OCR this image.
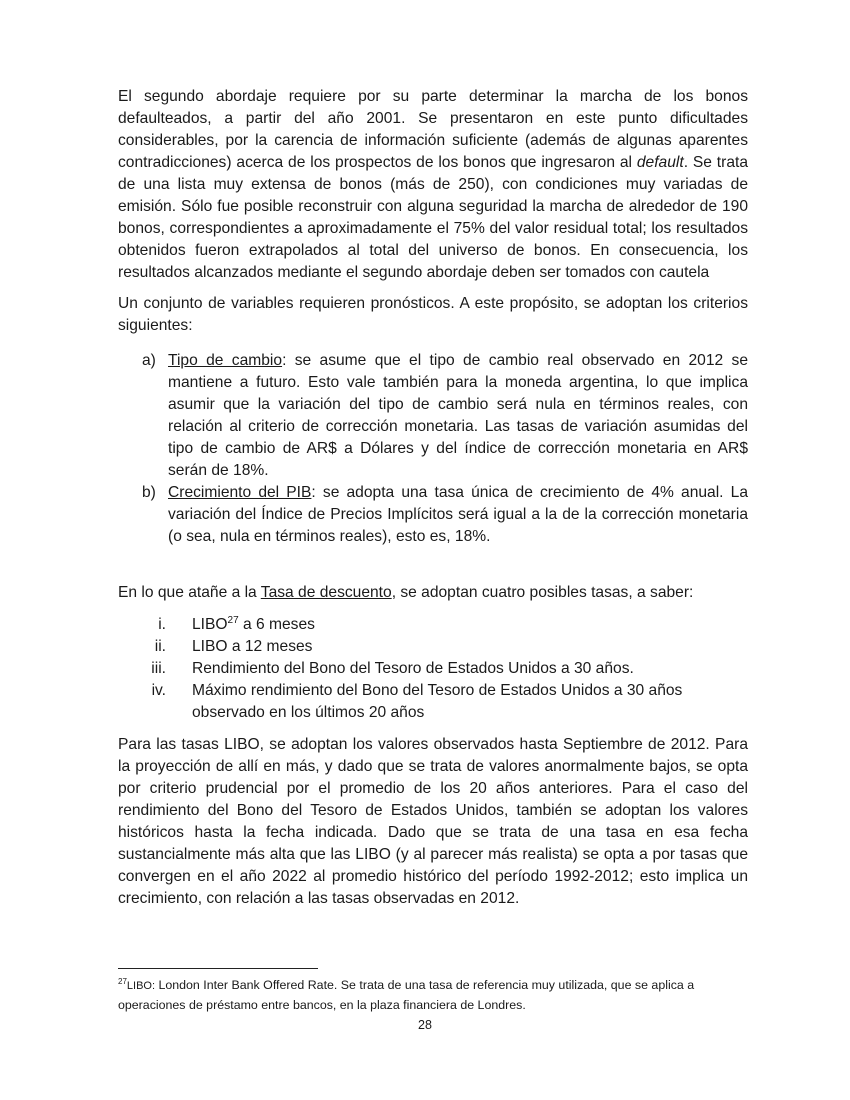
El segundo abordaje requiere por su parte determinar la marcha de los bonos defaulteados, a partir del año 2001. Se presentaron en este punto dificultades considerables, por la carencia de información suficiente (además de algunas aparentes contradicciones) acerca de los prospectos de los bonos que ingresaron al default. Se trata de una lista muy extensa de bonos (más de 250), con condiciones muy variadas de emisión. Sólo fue posible reconstruir con alguna seguridad la marcha de alrededor de 190 bonos, correspondientes a aproximadamente el 75% del valor residual total; los resultados obtenidos fueron extrapolados al total del universo de bonos. En consecuencia, los resultados alcanzados mediante el segundo abordaje deben ser tomados con cautela

Un conjunto de variables requieren pronósticos. A este propósito, se adoptan los criterios siguientes:

a) Tipo de cambio: se asume que el tipo de cambio real observado en 2012 se mantiene a futuro. Esto vale también para la moneda argentina, lo que implica asumir que la variación del tipo de cambio será nula en términos reales, con relación al criterio de corrección monetaria. Las tasas de variación asumidas del tipo de cambio de AR$ a Dólares y del índice de corrección monetaria en AR$ serán de 18%.
b) Crecimiento del PIB: se adopta una tasa única de crecimiento de 4% anual. La variación del Índice de Precios Implícitos será igual a la de la corrección monetaria (o sea, nula en términos reales), esto es, 18%.

En lo que atañe a la Tasa de descuento, se adoptan cuatro posibles tasas, a saber:

i.	LIBO$^{27}$ a 6 meses
ii.	LIBO a 12 meses
iii.	Rendimiento del Bono del Tesoro de Estados Unidos a 30 años.
iv.	Máximo rendimiento del Bono del Tesoro de Estados Unidos a 30 años observado en los últimos 20 años

Para las tasas LIBO, se adoptan los valores observados hasta Septiembre de 2012. Para la proyección de allí en más, y dado que se trata de valores anormalmente bajos, se opta por criterio prudencial por el promedio de los 20 años anteriores. Para el caso del rendimiento del Bono del Tesoro de Estados Unidos, también se adoptan los valores históricos hasta la fecha indicada. Dado que se trata de una tasa en esa fecha sustancialmente más alta que las LIBO (y al parecer más realista) se opta a por tasas que convergen en el año 2022 al promedio histórico del período 1992-2012; esto implica un crecimiento, con relación a las tasas observadas en 2012.

$^{27}$LIBO: London Inter Bank Offered Rate. Se trata de una tasa de referencia muy utilizada, que se aplica a operaciones de préstamo entre bancos, en la plaza financiera de Londres.
28
